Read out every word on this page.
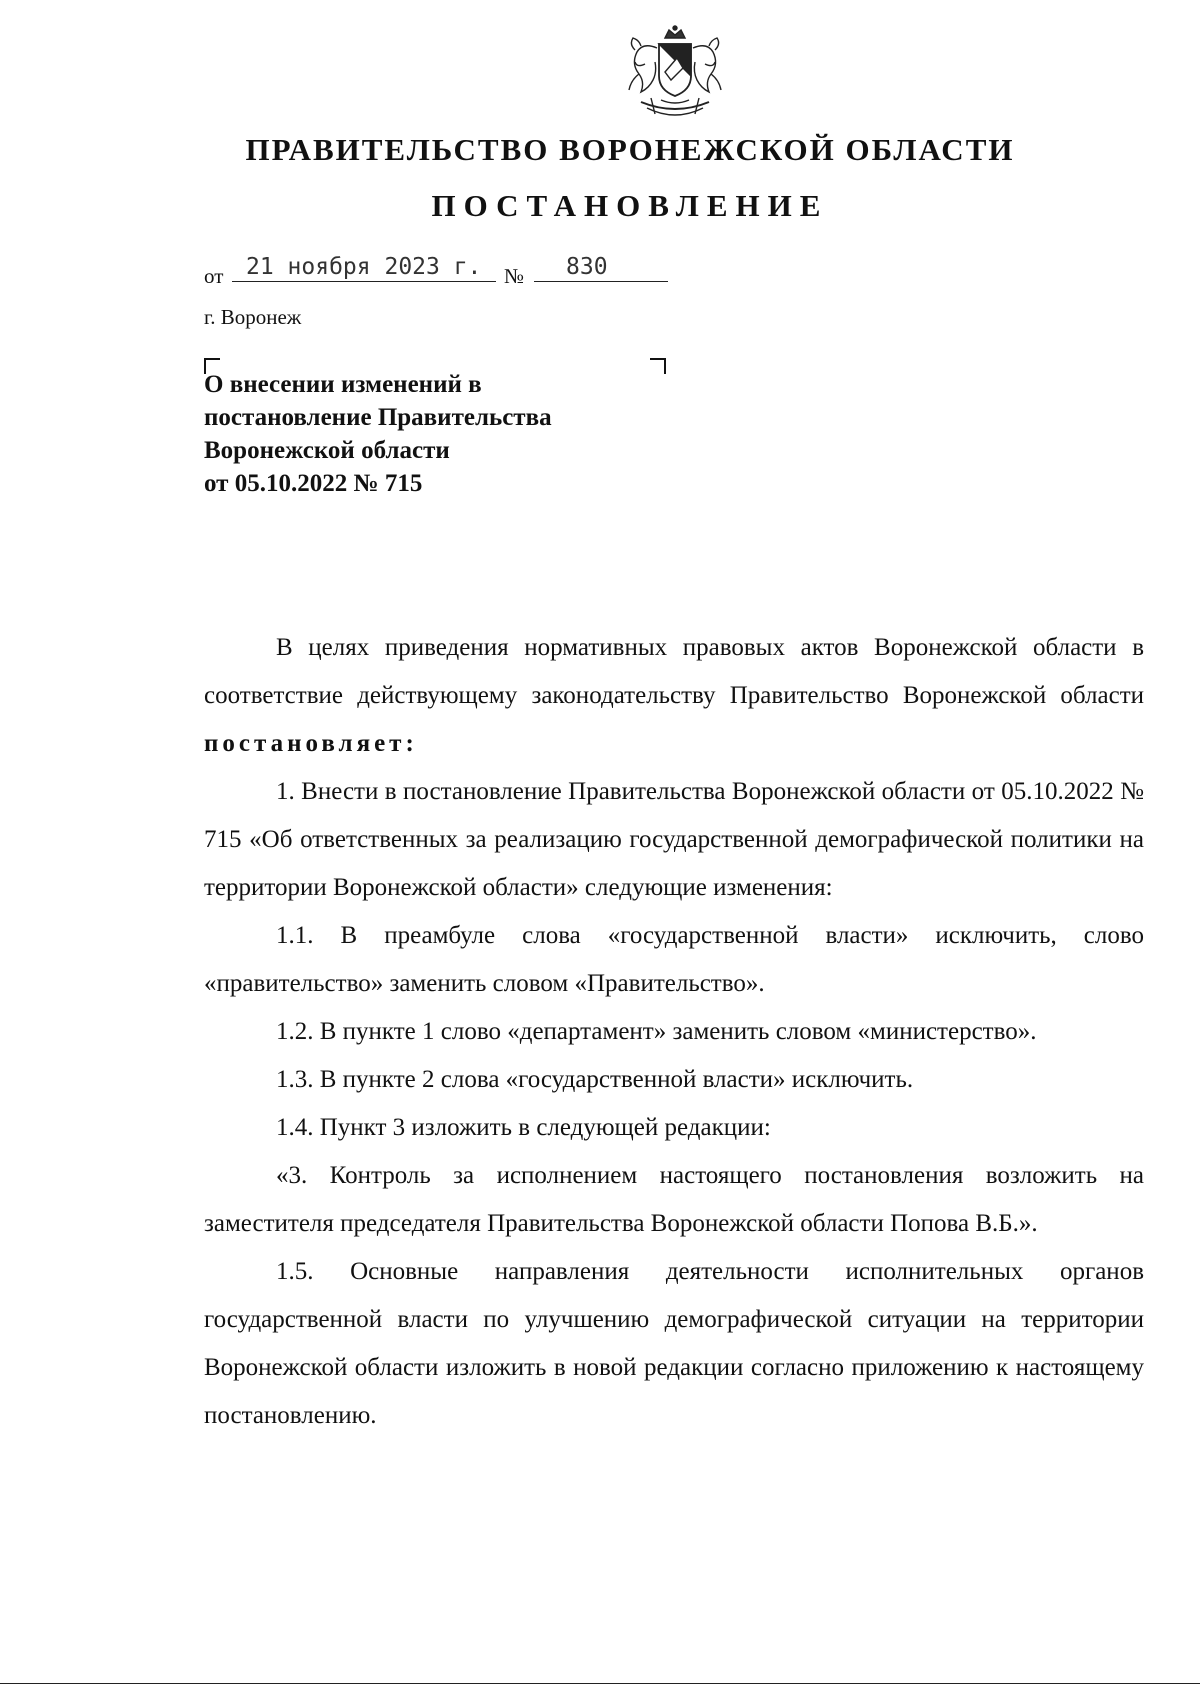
ПРАВИТЕЛЬСТВО ВОРОНЕЖСКОЙ ОБЛАСТИ
ПОСТАНОВЛЕНИЕ
от 21 ноября 2023 г.	№	830
г. Воронеж
О внесении изменений в
постановление Правительства
Воронежской области
от 05.10.2022 № 715

В целях приведения нормативных правовых актов Воронежской области в соответствие действующему законодательству Правительство Воронежской области постановляет:

1. Внести в постановление Правительства Воронежской области от 05.10.2022 № 715 «Об ответственных за реализацию государственной демографической политики на территории Воронежской области» следующие изменения:

1.1. В преамбуле слова «государственной власти» исключить, слово «правительство» заменить словом «Правительство».

1.2. В пункте 1 слово «департамент» заменить словом «министерство».

1.3. В пункте 2 слова «государственной власти» исключить.

1.4. Пункт 3 изложить в следующей редакции:

«3. Контроль за исполнением настоящего постановления возложить на заместителя председателя Правительства Воронежской области Попова В.Б.».

1.5. Основные направления деятельности исполнительных органов государственной власти по улучшению демографической ситуации на территории Воронежской области изложить в новой редакции согласно приложению к настоящему постановлению.
